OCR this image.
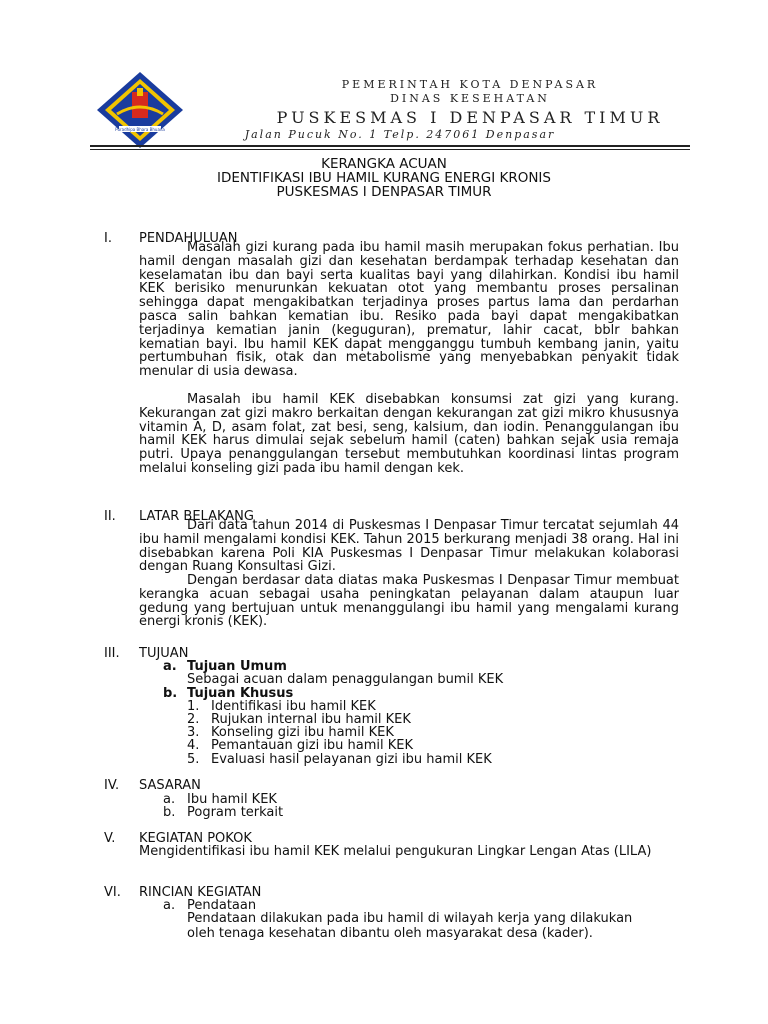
Puradhipa Bhara Bhuana
PEMERINTAH KOTA DENPASAR
DINAS KESEHATAN
PUSKESMAS I DENPASAR TIMUR
Jalan Pucuk No. 1 Telp. 247061 Denpasar
KERANGKA ACUAN
IDENTIFIKASI IBU HAMIL KURANG ENERGI KRONIS
PUSKESMAS I DENPASAR TIMUR
I. PENDAHULUAN

Masalah gizi kurang pada ibu hamil masih merupakan fokus perhatian. Ibu hamil dengan masalah gizi dan kesehatan berdampak terhadap kesehatan dan keselamatan ibu dan bayi serta kualitas bayi yang dilahirkan. Kondisi ibu hamil KEK berisiko menurunkan kekuatan otot yang membantu proses persalinan sehingga dapat mengakibatkan terjadinya proses partus lama dan perdarhan pasca salin bahkan kematian ibu. Resiko pada bayi dapat mengakibatkan terjadinya kematian janin (keguguran), prematur, lahir cacat, bblr bahkan kematian bayi. Ibu hamil KEK dapat mengganggu tumbuh kembang janin, yaitu pertumbuhan fisik, otak dan metabolisme yang menyebabkan penyakit tidak menular di usia dewasa.

Masalah ibu hamil KEK disebabkan konsumsi zat gizi yang kurang. Kekurangan zat gizi makro berkaitan dengan kekurangan zat gizi mikro khususnya vitamin A, D, asam folat, zat besi, seng, kalsium, dan iodin. Penanggulangan ibu hamil KEK harus dimulai sejak sebelum hamil (caten) bahkan sejak usia remaja putri. Upaya penanggulangan tersebut membutuhkan koordinasi lintas program melalui konseling gizi pada ibu hamil dengan kek.

II. LATAR BELAKANG

Dari data tahun 2014 di Puskesmas I Denpasar Timur tercatat sejumlah 44 ibu hamil mengalami kondisi KEK. Tahun 2015 berkurang menjadi 38 orang. Hal ini disebabkan karena Poli KIA Puskesmas I Denpasar Timur melakukan kolaborasi dengan Ruang Konsultasi Gizi.

Dengan berdasar data diatas maka Puskesmas I Denpasar Timur membuat kerangka acuan sebagai usaha peningkatan pelayanan dalam ataupun luar gedung yang bertujuan untuk menanggulangi ibu hamil yang mengalami kurang energi kronis (KEK).

III. TUJUAN
a. Tujuan Umum
Sebagai acuan dalam penaggulangan bumil KEK
b. Tujuan Khusus
1. Identifikasi ibu hamil KEK
2. Rujukan internal ibu hamil KEK
3. Konseling gizi ibu hamil KEK
4. Pemantauan gizi ibu hamil KEK
5. Evaluasi hasil pelayanan gizi ibu hamil KEK
IV. SASARAN
a. Ibu hamil KEK
b. Pogram terkait
V. KEGIATAN POKOK

Mengidentifikasi ibu hamil KEK melalui pengukuran Lingkar Lengan Atas (LILA)

VI. RINCIAN KEGIATAN
a. Pendataan
Pendataan dilakukan pada ibu hamil di wilayah kerja yang dilakukan
oleh tenaga kesehatan dibantu oleh masyarakat desa (kader).
